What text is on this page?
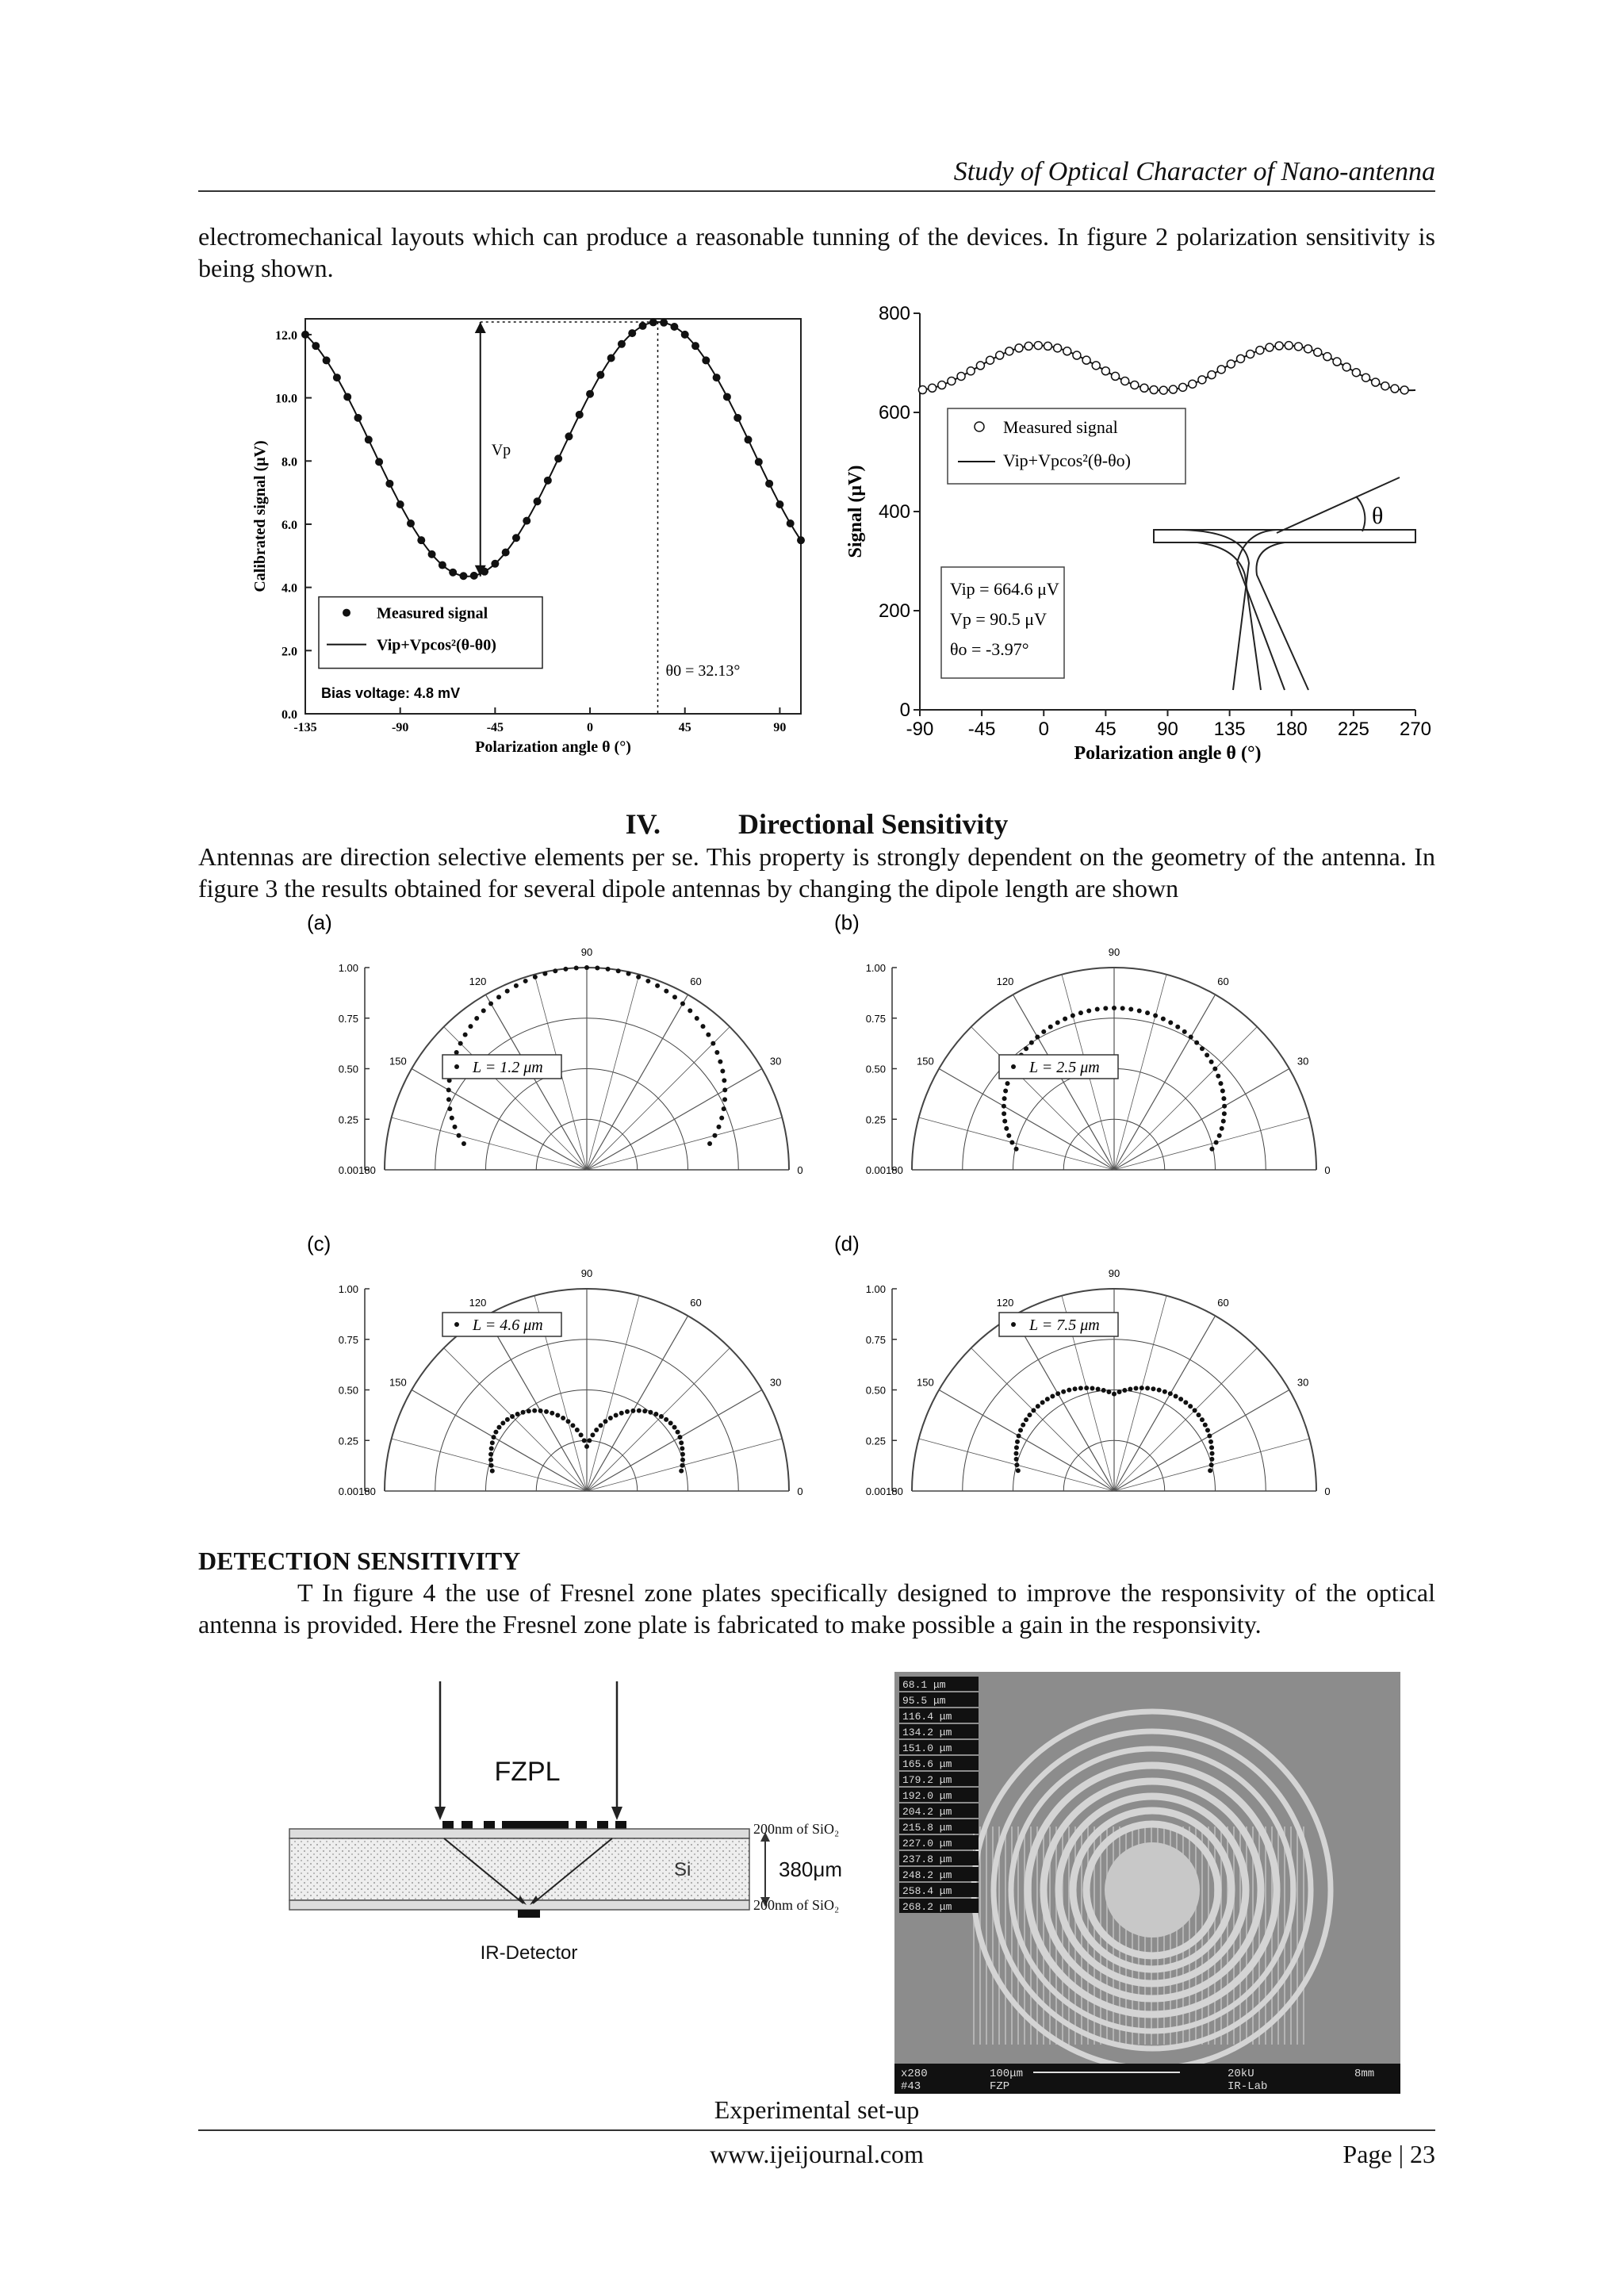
Study of Optical Character of Nano-antenna
electromechanical layouts which can produce a reasonable tunning of the devices. In figure 2 polarization sensitivity is being shown.
0.0
2.0
4.0
6.0
8.0
10.0
12.0
-135	-90	-45	0	45	90
Polarization angle θ (°)
Calibrated signal (μV)	Vp
θ0 = 32.13°
Measured signal
Vip+Vpcos²(θ-θ0)
Bias voltage: 4.8 mV
0
200
400
600
800
-90 -45 0 45 90 135 180 225 270
Polarization angle θ (°)
Signal (μV)
Measured signal
Vip+Vpcos²(θ-θo)
Vip = 664.6 μV
Vp = 90.5 μV
θo = -3.97°
θ
IV.	Directional Sensitivity
Antennas are direction selective elements per se. This property is strongly dependent on the geometry of the antenna. In figure 3 the results obtained for several dipole antennas by changing the dipole length are shown
(a)
0.00
0.25
0.50
0.75
1.00
0
30
60
90
120
150
180
L = 1.2 μm
(b)
0.00
0.25
0.50
0.75
1.00
0
30
60
90
120
150
180
L = 2.5 μm
(c)
0.00
0.25
0.50
0.75
1.00
0
30
60
90
120
150
180
L = 4.6 μm
(d)
0.00
0.25
0.50
0.75
1.00
0
30
60
90
120
150
180
L = 7.5 μm
DETECTION SENSITIVITY
T In figure 4 the use of Fresnel zone plates specifically designed to improve the responsivity of the optical antenna is provided. Here the Fresnel zone plate is fabricated to make possible a gain in the responsivity.
FZPL
Si	380μm
200nm of SiO₂
200nm of SiO₂
IR-Detector
68.1 μm
95.5 μm
116.4 μm
134.2 μm
151.0 μm
165.6 μm
179.2 μm
192.0 μm
204.2 μm
215.8 μm
227.0 μm
237.8 μm
248.2 μm
258.4 μm
268.2 μm
x280
#43
100μm
FZP
20kU
IR-Lab
8mm
Experimental set-up
www.ijeijournal.com	Page | 23
